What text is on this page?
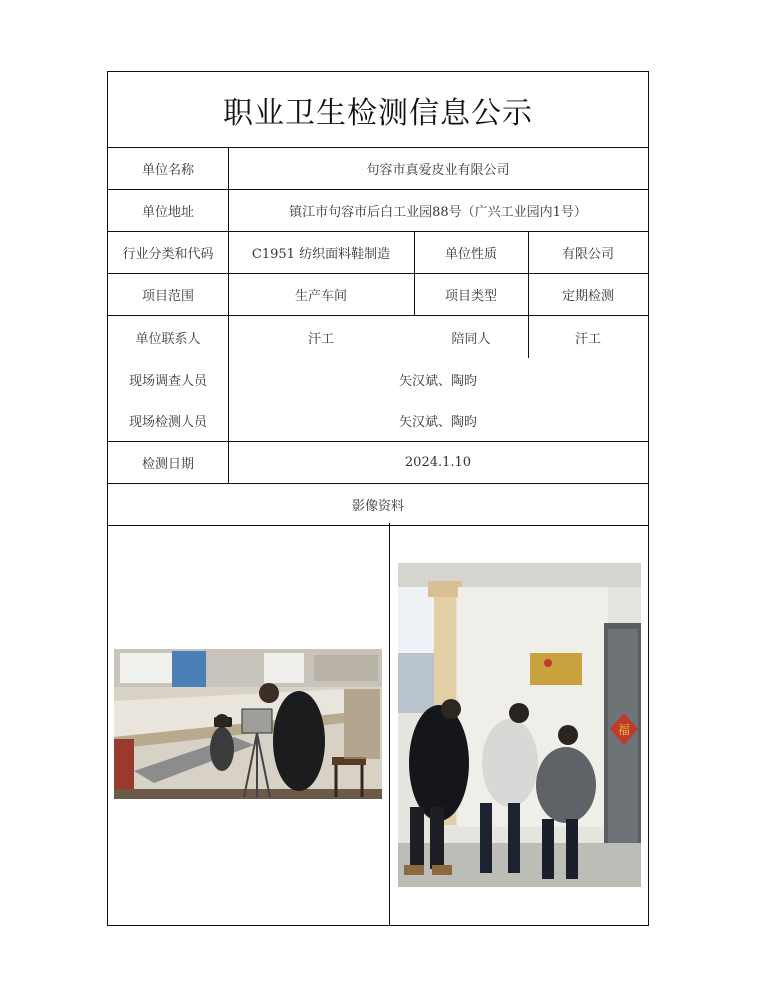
职业卫生检测信息公示
单位名称	句容市真爱皮业有限公司
单位地址	镇江市句容市后白工业园88号（广兴工业园内1号）
行业分类和代码	C1951 纺织面料鞋制造	单位性质	有限公司
项目范围	生产车间	项目类型	定期检测
单位联系人	汗工	陪同人	汗工
现场调查人员	矢汉斌、陶昀
现场检测人员	矢汉斌、陶昀
检测日期	2024.1.10
影像资料
福
